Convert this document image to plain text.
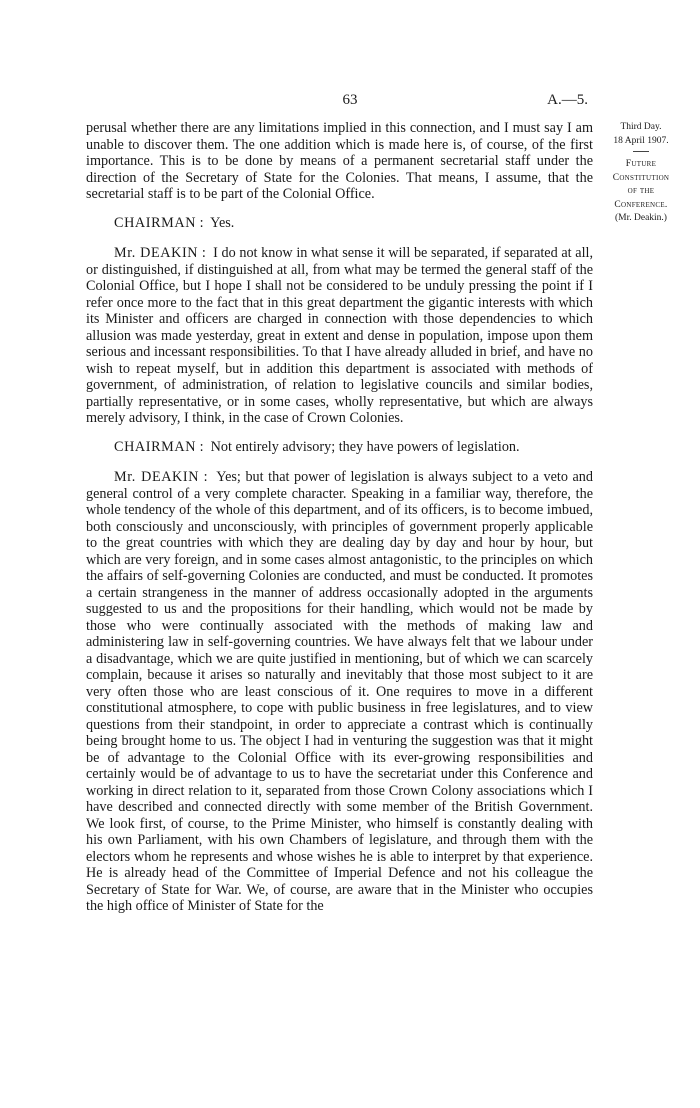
63	A.—5.
Third Day.
18 April 1907.
Future
Constitution
of the
Conference.
(Mr. Deakin.)

perusal whether there are any limitations implied in this connection, and I must say I am unable to discover them. The one addition which is made here is, of course, of the first importance. This is to be done by means of a permanent secretarial staff under the direction of the Secretary of State for the Colonies. That means, I assume, that the secretarial staff is to be part of the Colonial Office.

CHAIRMAN :  Yes.

Mr. DEAKIN :  I do not know in what sense it will be separated, if separated at all, or distinguished, if distinguished at all, from what may be termed the general staff of the Colonial Office, but I hope I shall not be considered to be unduly pressing the point if I refer once more to the fact that in this great department the gigantic interests with which its Minister and officers are charged in connection with those dependencies to which allusion was made yesterday, great in extent and dense in population, impose upon them serious and incessant responsibilities. To that I have already alluded in brief, and have no wish to repeat myself, but in addition this department is associated with methods of government, of administration, of relation to legislative councils and similar bodies, partially representative, or in some cases, wholly representative, but which are always merely advisory, I think, in the case of Crown Colonies.

CHAIRMAN :  Not entirely advisory; they have powers of legislation.

Mr. DEAKIN :  Yes; but that power of legislation is always subject to a veto and general control of a very complete character. Speaking in a familiar way, therefore, the whole tendency of the whole of this department, and of its officers, is to become imbued, both consciously and unconsciously, with principles of government properly applicable to the great countries with which they are dealing day by day and hour by hour, but which are very foreign, and in some cases almost antagonistic, to the principles on which the affairs of self-governing Colonies are conducted, and must be conducted. It promotes a certain strangeness in the manner of address occasionally adopted in the arguments suggested to us and the propositions for their handling, which would not be made by those who were continually associated with the methods of making law and administering law in self-governing countries. We have always felt that we labour under a disadvantage, which we are quite justified in mentioning, but of which we can scarcely complain, because it arises so naturally and inevitably that those most subject to it are very often those who are least conscious of it. One requires to move in a different constitutional atmosphere, to cope with public business in free legislatures, and to view questions from their standpoint, in order to appreciate a contrast which is continually being brought home to us. The object I had in venturing the suggestion was that it might be of advantage to the Colonial Office with its ever-growing responsibilities and certainly would be of advantage to us to have the secretariat under this Conference and working in direct relation to it, separated from those Crown Colony associations which I have described and connected directly with some member of the British Government. We look first, of course, to the Prime Minister, who himself is constantly dealing with his own Parliament, with his own Chambers of legislature, and through them with the electors whom he represents and whose wishes he is able to interpret by that experience. He is already head of the Committee of Imperial Defence and not his colleague the Secretary of State for War. We, of course, are aware that in the Minister who occupies the high office of Minister of State for the
